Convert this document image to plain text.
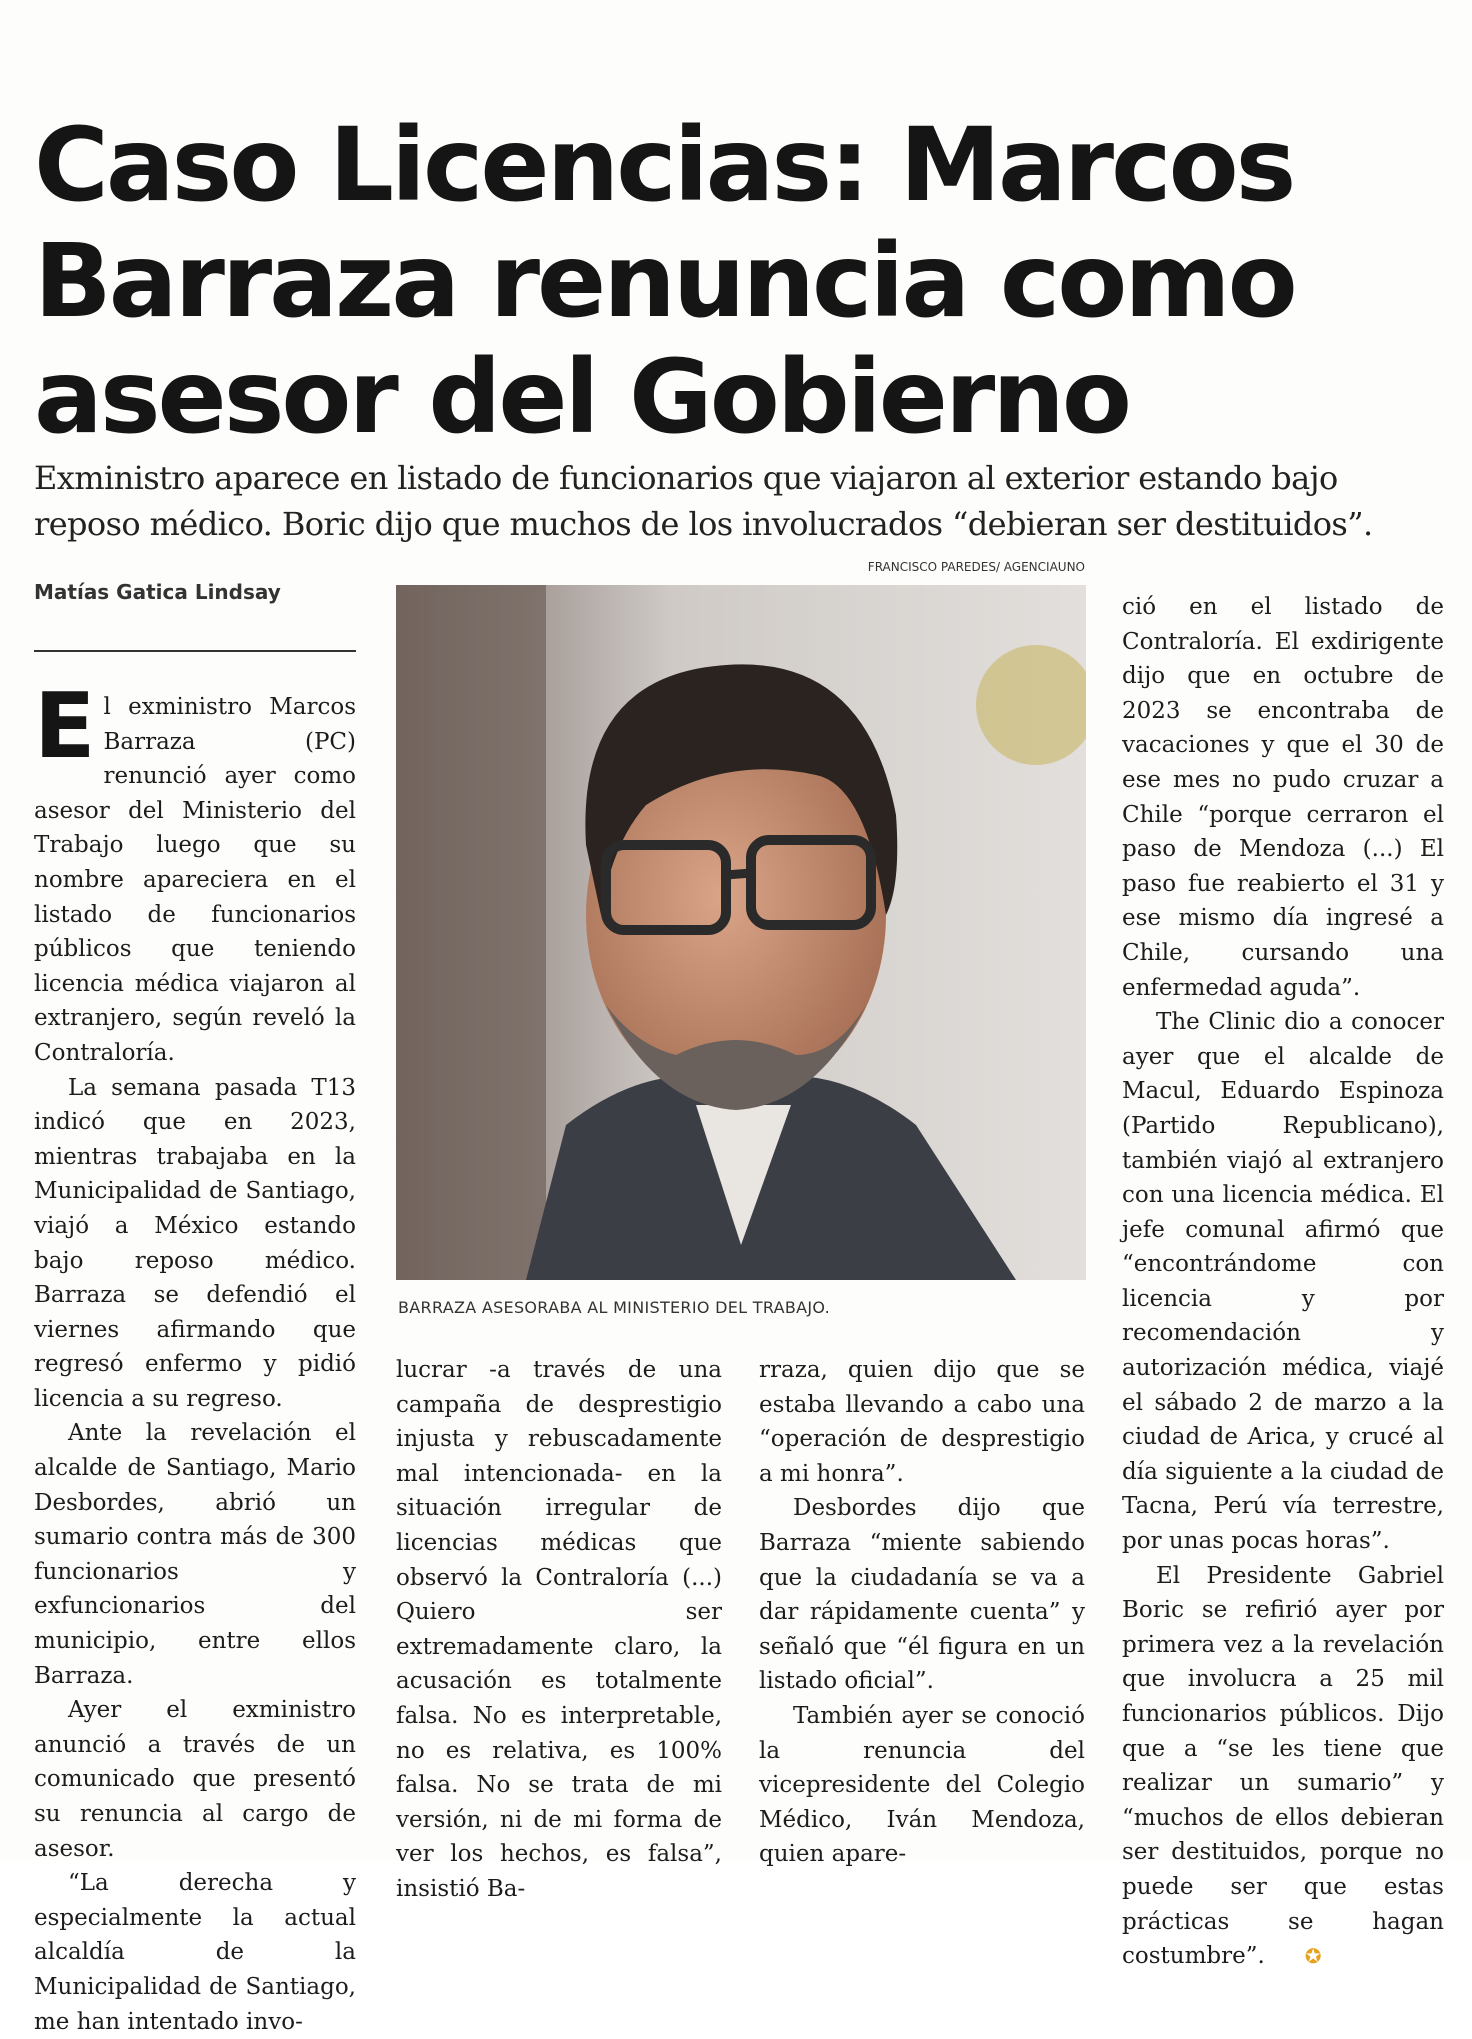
Caso Licencias: Marcos
Barraza renuncia como
asesor del Gobierno
Exministro aparece en listado de funcionarios que viajaron al exterior estando bajo
reposo médico. Boric dijo que muchos de los involucrados “debieran ser destituidos”.
FRANCISCO PAREDES/ AGENCIAUNO
Matías Gatica Lindsay
BARRAZA ASESORABA AL MINISTERIO DEL TRABAJO.

El exministro Marcos Barraza (PC) renunció ayer como asesor del Ministerio del Trabajo luego que su nombre apareciera en el listado de funcionarios públicos que teniendo licencia médica viajaron al extranjero, según reveló la Contraloría.

La semana pasada T13 indicó que en 2023, mientras trabajaba en la Municipalidad de Santiago, viajó a México estando bajo reposo médico. Barraza se defendió el viernes afirmando que regresó enfermo y pidió licencia a su regreso.

Ante la revelación el alcalde de Santiago, Mario Desbordes, abrió un sumario contra más de 300 funcionarios y exfuncionarios del municipio, entre ellos Barraza.

Ayer el exministro anunció a través de un comunicado que presentó su renuncia al cargo de asesor.

“La derecha y especialmente la actual alcaldía de la Municipalidad de Santiago, me han intentado invo-

lucrar -a través de una campaña de desprestigio injusta y rebuscadamente mal intencionada- en la situación irregular de licencias médicas que observó la Contraloría (...) Quiero ser extremadamente claro, la acusación es totalmente falsa. No es interpretable, no es relativa, es 100% falsa. No se trata de mi versión, ni de mi forma de ver los hechos, es falsa”, insistió Ba-

rraza, quien dijo que se estaba llevando a cabo una “operación de desprestigio a mi honra”.

Desbordes dijo que Barraza “miente sabiendo que la ciudadanía se va a dar rápidamente cuenta” y señaló que “él figura en un listado oficial”.

También ayer se conoció la renuncia del vicepresidente del Colegio Médico, Iván Mendoza, quien apare-

ció en el listado de Contraloría. El exdirigente dijo que en octubre de 2023 se encontraba de vacaciones y que el 30 de ese mes no pudo cruzar a Chile “porque cerraron el paso de Mendoza (...) El paso fue reabierto el 31 y ese mismo día ingresé a Chile, cursando una enfermedad aguda”.

The Clinic dio a conocer ayer que el alcalde de Macul, Eduardo Espinoza (Partido Republicano), también viajó al extranjero con una licencia médica. El jefe comunal afirmó que “encontrándome con licencia y por recomendación y autorización médica, viajé el sábado 2 de marzo a la ciudad de Arica, y crucé al día siguiente a la ciudad de Tacna, Perú vía terrestre, por unas pocas horas”.

El Presidente Gabriel Boric se refirió ayer por primera vez a la revelación que involucra a 25 mil funcionarios públicos. Dijo que a “se les tiene que realizar un sumario” y “muchos de ellos debieran ser destituidos, porque no puede ser que estas prácticas se hagan costumbre”. ✪
